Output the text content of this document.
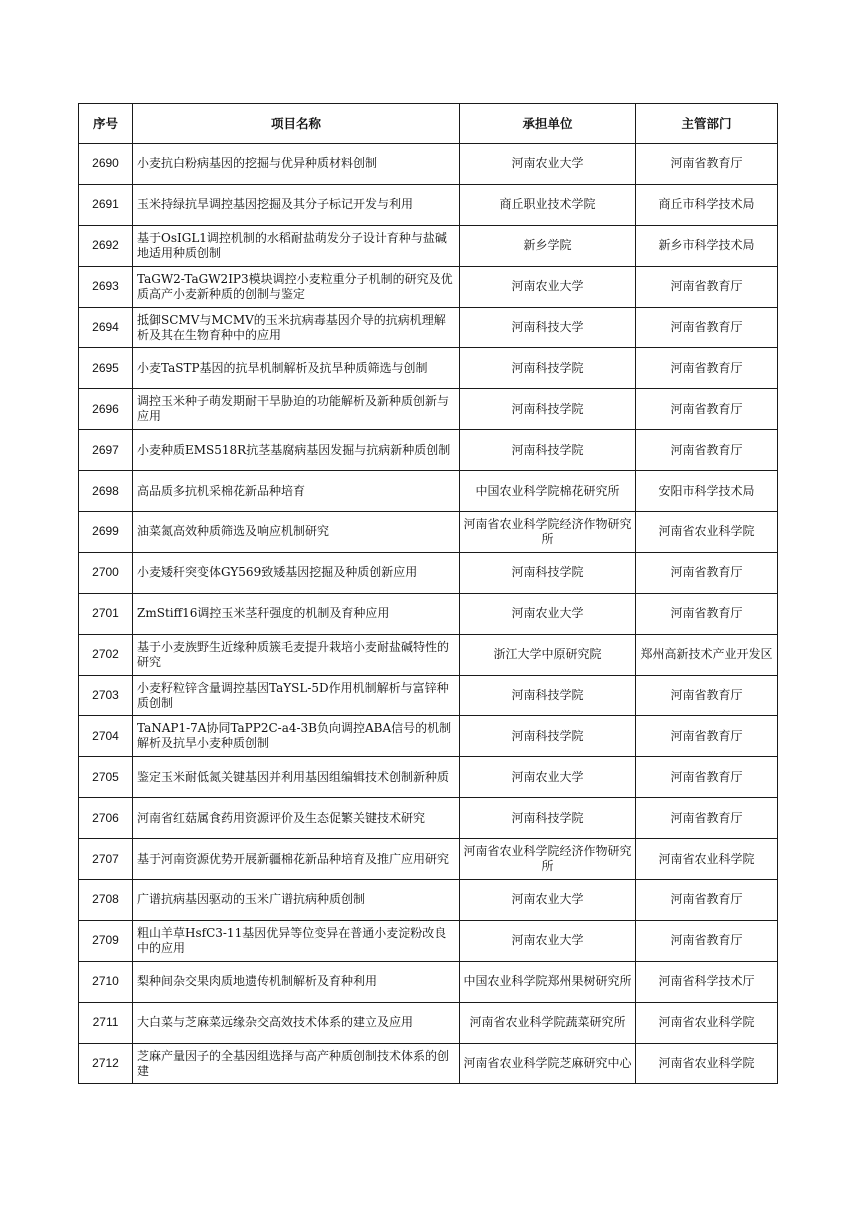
序号	项目名称	承担单位	主管部门
2690	小麦抗白粉病基因的挖掘与优异种质材料创制	河南农业大学	河南省教育厅
2691	玉米持绿抗旱调控基因挖掘及其分子标记开发与利用	商丘职业技术学院	商丘市科学技术局
2692	基于OsIGL1调控机制的水稻耐盐萌发分子设计育种与盐碱地适用种质创制	新乡学院	新乡市科学技术局
2693	TaGW2-TaGW2IP3模块调控小麦粒重分子机制的研究及优质高产小麦新种质的创制与鉴定	河南农业大学	河南省教育厅
2694	抵御SCMV与MCMV的玉米抗病毒基因介导的抗病机理解析及其在生物育种中的应用	河南科技大学	河南省教育厅
2695	小麦TaSTP基因的抗旱机制解析及抗旱种质筛选与创制	河南科技学院	河南省教育厅
2696	调控玉米种子萌发期耐干旱胁迫的功能解析及新种质创新与应用	河南科技学院	河南省教育厅
2697	小麦种质EMS518R抗茎基腐病基因发掘与抗病新种质创制	河南科技学院	河南省教育厅
2698	高品质多抗机采棉花新品种培育	中国农业科学院棉花研究所	安阳市科学技术局
2699	油菜氮高效种质筛选及响应机制研究	河南省农业科学院经济作物研究所	河南省农业科学院
2700	小麦矮秆突变体GY569致矮基因挖掘及种质创新应用	河南科技学院	河南省教育厅
2701	ZmStiff16调控玉米茎秆强度的机制及育种应用	河南农业大学	河南省教育厅
2702	基于小麦族野生近缘种质簇毛麦提升栽培小麦耐盐碱特性的研究	浙江大学中原研究院	郑州高新技术产业开发区
2703	小麦籽粒锌含量调控基因TaYSL-5D作用机制解析与富锌种质创制	河南科技学院	河南省教育厅
2704	TaNAP1-7A协同TaPP2C-a4-3B负向调控ABA信号的机制解析及抗旱小麦种质创制	河南科技学院	河南省教育厅
2705	鉴定玉米耐低氮关键基因并利用基因组编辑技术创制新种质	河南农业大学	河南省教育厅
2706	河南省红菇属食药用资源评价及生态促繁关键技术研究	河南科技学院	河南省教育厅
2707	基于河南资源优势开展新疆棉花新品种培育及推广应用研究	河南省农业科学院经济作物研究所	河南省农业科学院
2708	广谱抗病基因驱动的玉米广谱抗病种质创制	河南农业大学	河南省教育厅
2709	粗山羊草HsfC3-11基因优异等位变异在普通小麦淀粉改良中的应用	河南农业大学	河南省教育厅
2710	梨种间杂交果肉质地遗传机制解析及育种利用	中国农业科学院郑州果树研究所	河南省科学技术厅
2711	大白菜与芝麻菜远缘杂交高效技术体系的建立及应用	河南省农业科学院蔬菜研究所	河南省农业科学院
2712	芝麻产量因子的全基因组选择与高产种质创制技术体系的创建	河南省农业科学院芝麻研究中心	河南省农业科学院
